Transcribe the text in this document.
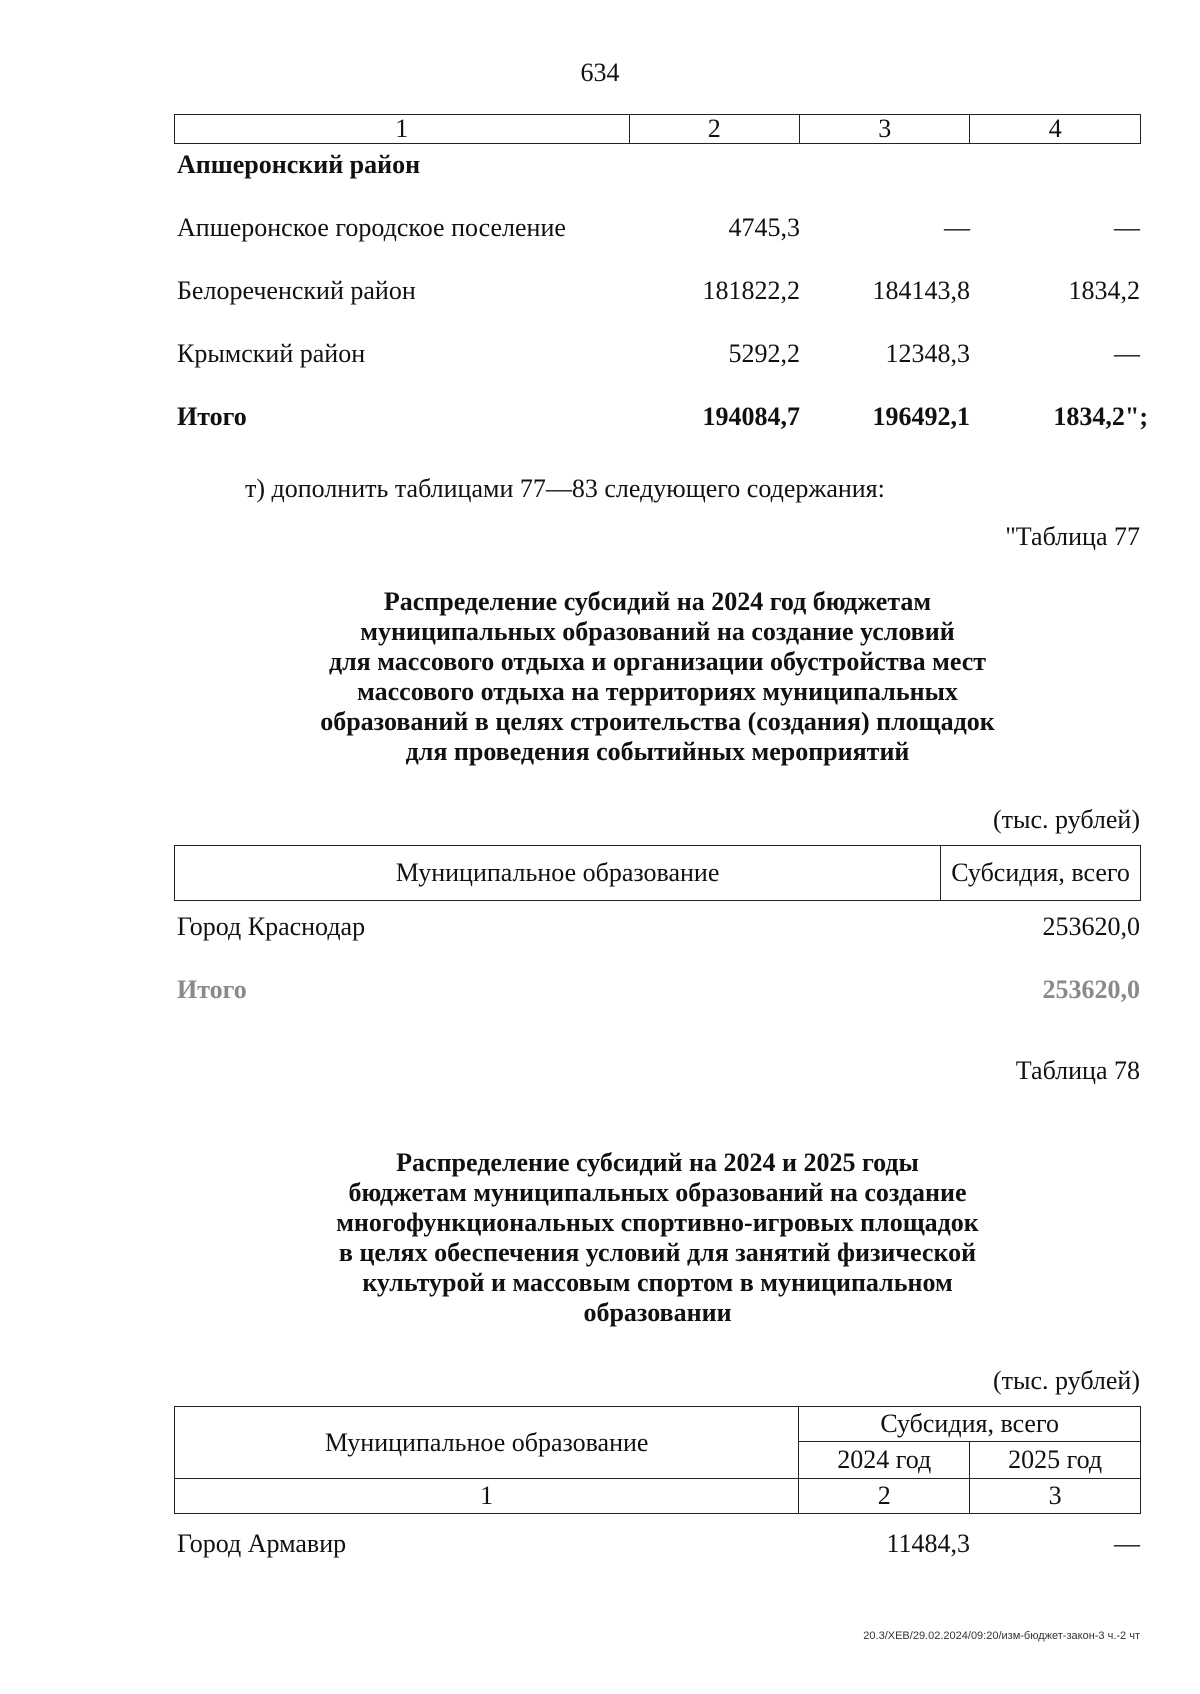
634
1	2	3	4
Апшеронский район
Апшеронское городское поселение	4745,3	—	—
Белореченский район	181822,2	184143,8	1834,2
Крымский район	5292,2	12348,3	—
Итого	194084,7	196492,1	1834,2";
т) дополнить таблицами 77—83 следующего содержания:
"Таблица 77
Распределение субсидий на 2024 год бюджетам
муниципальных образований на создание условий
для массового отдыха и организации обустройства мест
массового отдыха на территориях муниципальных
образований в целях строительства (создания) площадок
для проведения событийных мероприятий
(тыс. рублей)
Муниципальное образование	Субсидия, всего
Город Краснодар	253620,0
Итого	253620,0
Таблица 78
Распределение субсидий на 2024 и 2025 годы
бюджетам муниципальных образований на создание
многофункциональных спортивно-игровых площадок
в целях обеспечения условий для занятий физической
культурой и массовым спортом в муниципальном
образовании
(тыс. рублей)
Муниципальное образование	Субсидия, всего	
	2024 год	2025 год
1	2	3
Город Армавир	11484,3	—
20.3/ХЕВ/29.02.2024/09:20/изм-бюджет-закон-3 ч.-2 чт
